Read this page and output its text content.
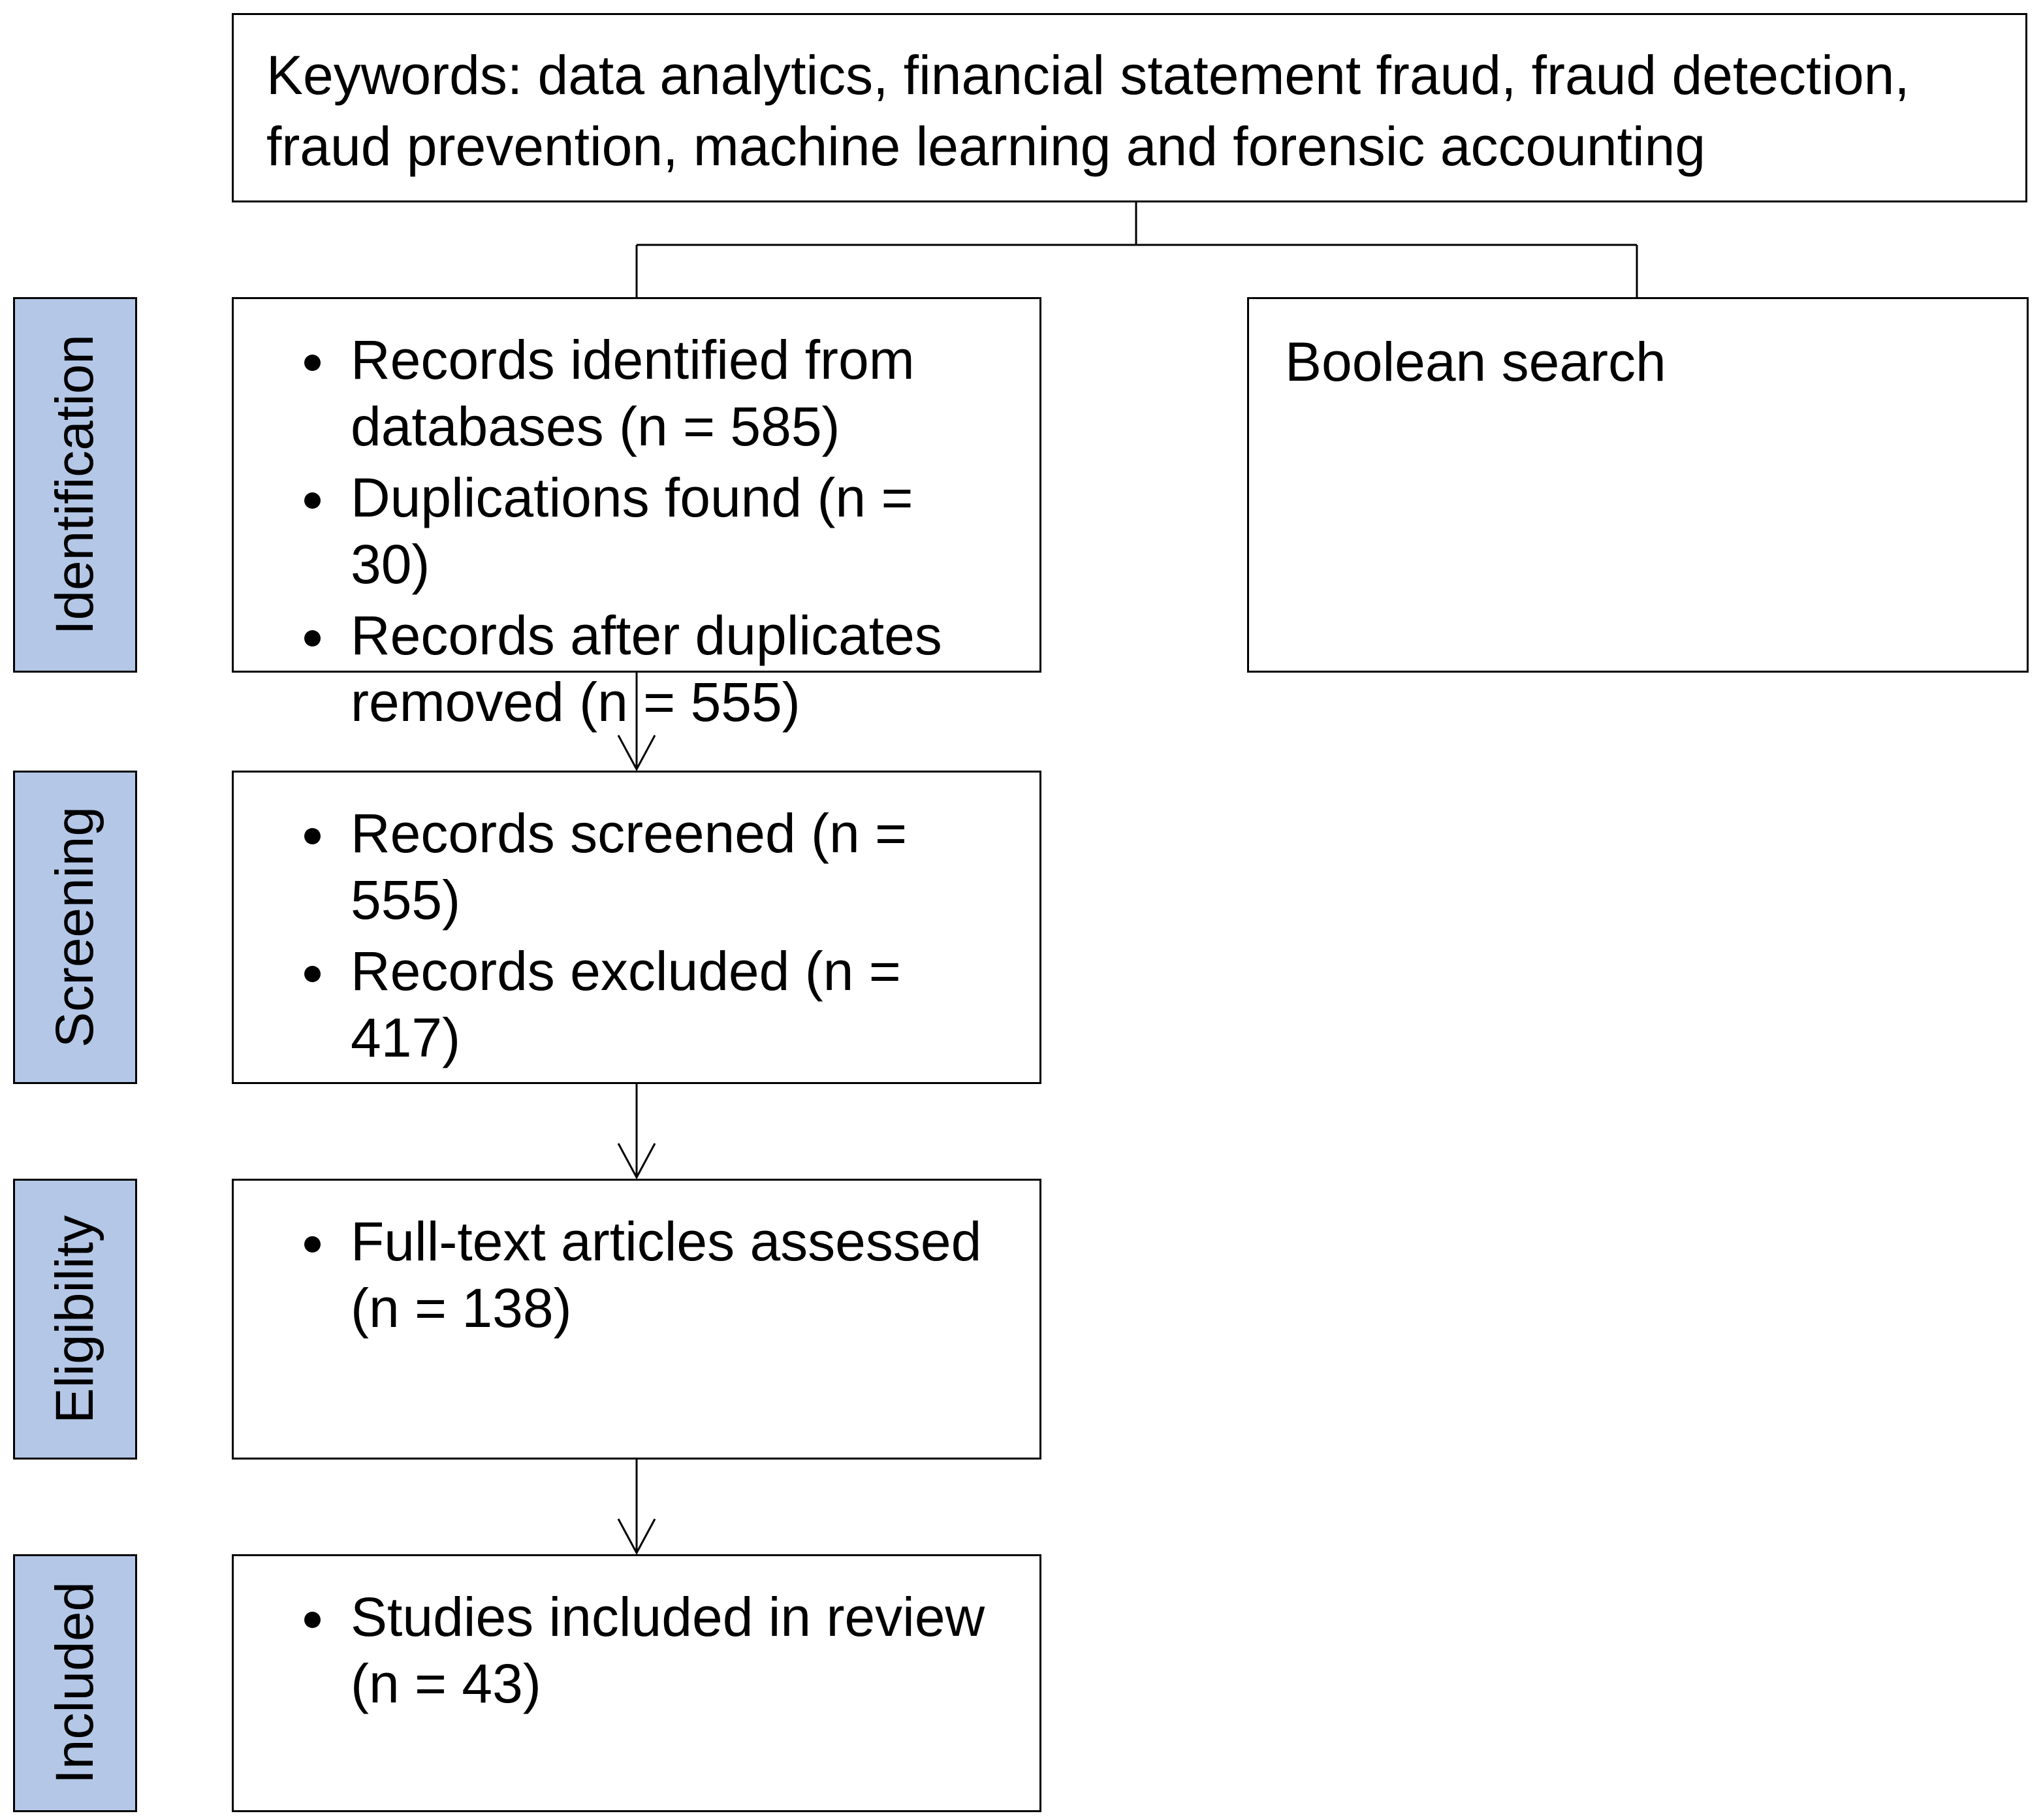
Keywords: data analytics, financial statement fraud, fraud detection, fraud prevention, machine learning and forensic accounting
Boolean search
Identification	• Records identified from databases (n = 585)
• Duplications found (n = 30)
• Records after duplicates removed (n = 555)
Screening	• Records screened (n = 555)
• Records excluded (n = 417)
Eligibility	• Full-text articles assessed (n = 138)
Included	• Studies included in review (n = 43)
